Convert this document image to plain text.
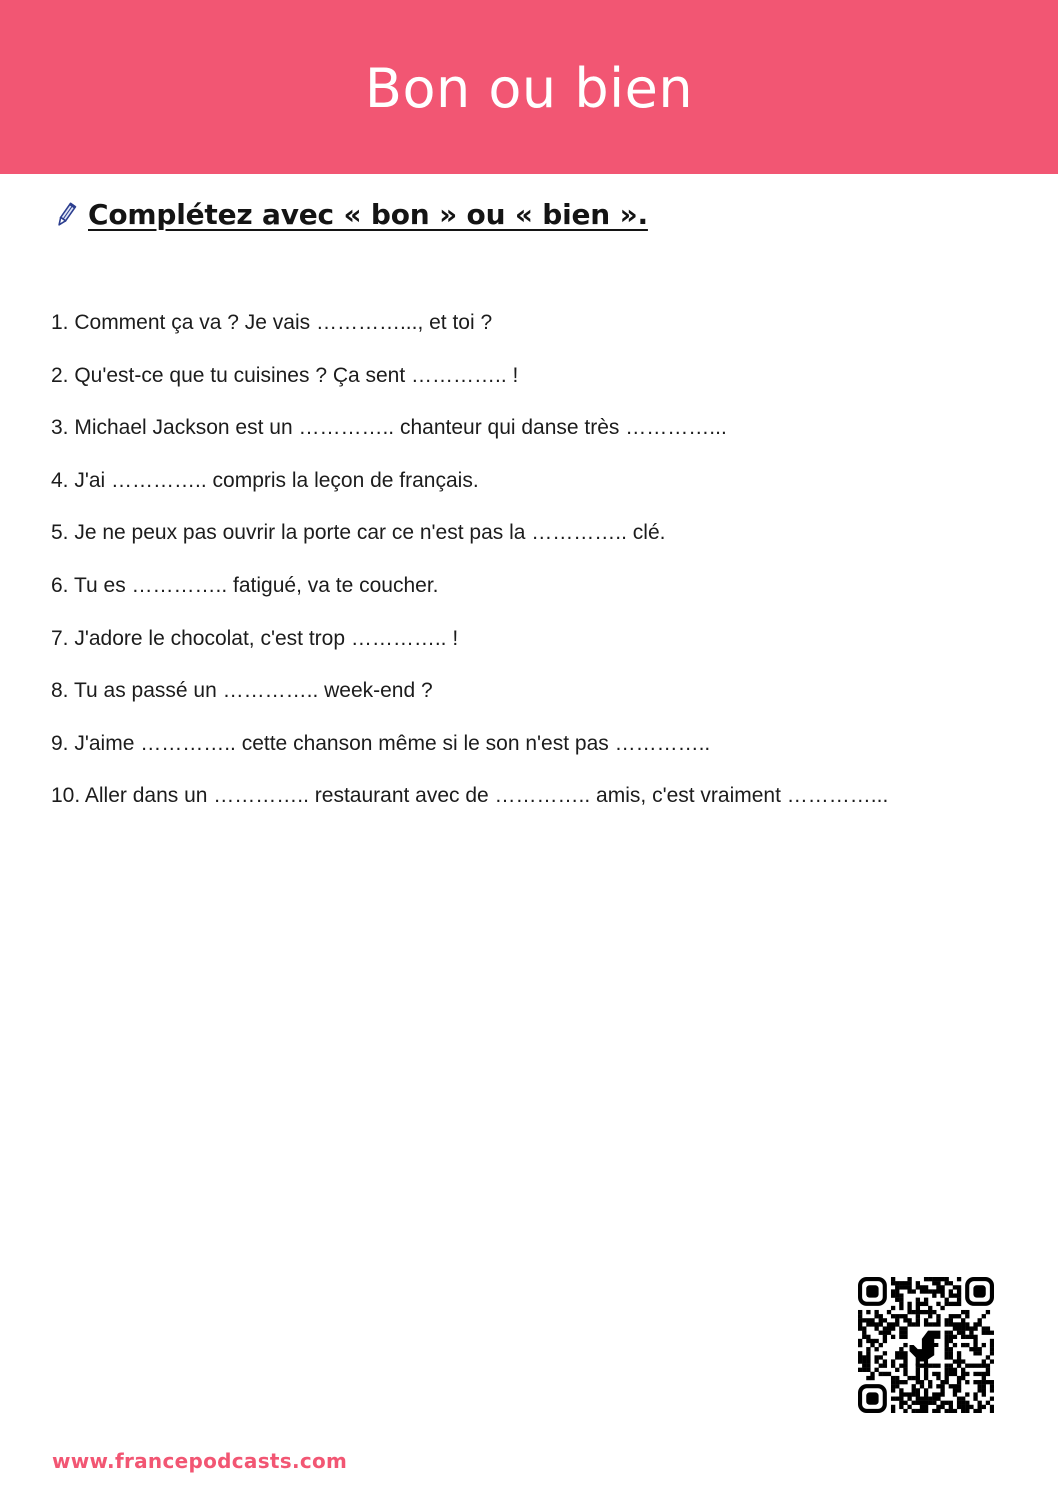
Bon ou bien
Complétez avec « bon » ou « bien ».
1. Comment ça va ? Je vais …………..., et toi ?
2. Qu'est-ce que tu cuisines ? Ça sent ………….. !
3. Michael Jackson est un ………….. chanteur qui danse très …………...
4. J'ai ………….. compris la leçon de français.
5. Je ne peux pas ouvrir la porte car ce n'est pas la ………….. clé.
6. Tu es ………….. fatigué, va te coucher.
7. J'adore le chocolat, c'est trop ………….. !
8. Tu as passé un ………….. week-end ?
9. J'aime ………….. cette chanson même si le son n'est pas …………..
10. Aller dans un ………….. restaurant avec de ………….. amis, c'est vraiment …………...
www.francepodcasts.com
